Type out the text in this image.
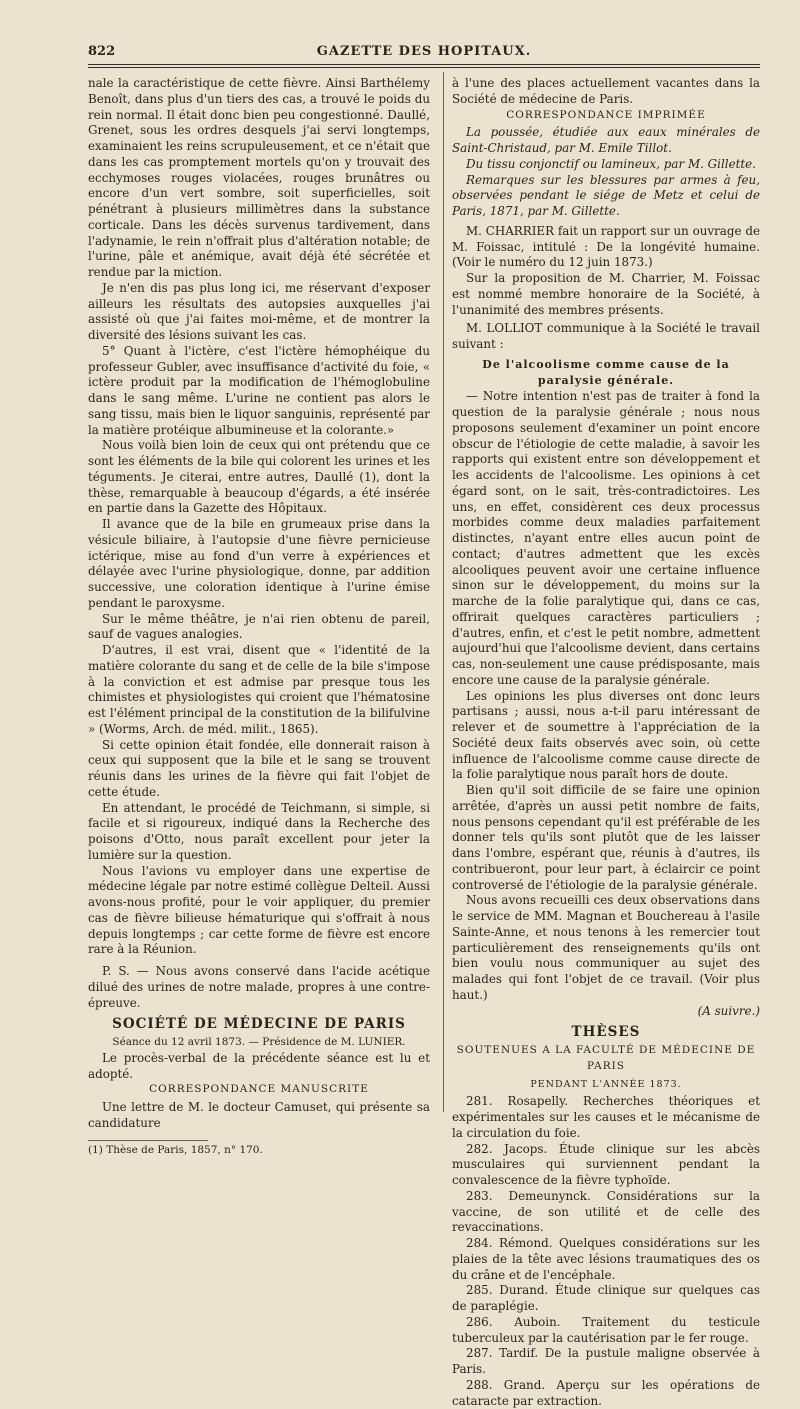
822	GAZETTE DES HOPITAUX.

nale la caractéristique de cette fièvre. Ainsi Barthélemy Benoît, dans plus d'un tiers des cas, a trouvé le poids du rein normal. Il était donc bien peu congestionné. Daullé, Grenet, sous les ordres desquels j'ai servi longtemps, examinaient les reins scrupuleusement, et ce n'était que dans les cas promptement mortels qu'on y trouvait des ecchymoses rouges violacées, rouges brunâtres ou encore d'un vert sombre, soit superficielles, soit pénétrant à plusieurs millimètres dans la substance corticale. Dans les décès survenus tardivement, dans l'adynamie, le rein n'offrait plus d'altération notable; de l'urine, pâle et anémique, avait déjà été sécrétée et rendue par la miction.

Je n'en dis pas plus long ici, me réservant d'exposer ailleurs les résultats des autopsies auxquelles j'ai assisté où que j'ai faites moi-même, et de montrer la diversité des lésions suivant les cas.

5° Quant à l'ictère, c'est l'ictère hémophéique du professeur Gubler, avec insuffisance d'activité du foie, « ictère produit par la modification de l'hémoglobuline dans le sang même. L'urine ne contient pas alors le sang tissu, mais bien le liquor sanguinis, représenté par la matière protéique albumineuse et la colorante.»

Nous voilà bien loin de ceux qui ont prétendu que ce sont les éléments de la bile qui colorent les urines et les téguments. Je citerai, entre autres, Daullé (1), dont la thèse, remarquable à beaucoup d'égards, a été insérée en partie dans la Gazette des Hôpitaux.

Il avance que de la bile en grumeaux prise dans la vésicule biliaire, à l'autopsie d'une fièvre pernicieuse ictérique, mise au fond d'un verre à expériences et délayée avec l'urine physiologique, donne, par addition successive, une coloration identique à l'urine émise pendant le paroxysme.

Sur le même théâtre, je n'ai rien obtenu de pareil, sauf de vagues analogies.

D'autres, il est vrai, disent que « l'identité de la matière colorante du sang et de celle de la bile s'impose à la conviction et est admise par presque tous les chimistes et physiologistes qui croient que l'hématosine est l'élément principal de la constitution de la bilifulvine » (Worms, Arch. de méd. milit., 1865).

Si cette opinion était fondée, elle donnerait raison à ceux qui supposent que la bile et le sang se trouvent réunis dans les urines de la fièvre qui fait l'objet de cette étude.

En attendant, le procédé de Teichmann, si simple, si facile et si rigoureux, indiqué dans la Recherche des poisons d'Otto, nous paraît excellent pour jeter la lumière sur la question.

Nous l'avions vu employer dans une expertise de médecine légale par notre estimé collègue Delteil. Aussi avons-nous profité, pour le voir appliquer, du premier cas de fièvre bilieuse hématurique qui s'offrait à nous depuis longtemps ; car cette forme de fièvre est encore rare à la Réunion.

P. S. — Nous avons conservé dans l'acide acétique dilué des urines de notre malade, propres à une contre-épreuve.

SOCIÉTÉ DE MÉDECINE DE PARIS

Séance du 12 avril 1873. — Présidence de M. LUNIER.

Le procès-verbal de la précédente séance est lu et adopté.

CORRESPONDANCE MANUSCRITE

Une lettre de M. le docteur Camuset, qui présente sa candidature

(1) Thèse de Paris, 1857, n° 170.

à l'une des places actuellement vacantes dans la Société de médecine de Paris.

CORRESPONDANCE IMPRIMÉE

La poussée, étudiée aux eaux minérales de Saint-Christaud, par M. Emile Tillot.

Du tissu conjonctif ou lamineux, par M. Gillette.

Remarques sur les blessures par armes à feu, observées pendant le siége de Metz et celui de Paris, 1871, par M. Gillette.

M. CHARRIER fait un rapport sur un ouvrage de M. Foissac, intitulé : De la longévité humaine. (Voir le numéro du 12 juin 1873.)

Sur la proposition de M. Charrier, M. Foissac est nommé membre honoraire de la Société, à l'unanimité des membres présents.

M. LOLLIOT communique à la Société le travail suivant :

De l'alcoolisme comme cause de la paralysie générale.

— Notre intention n'est pas de traiter à fond la question de la paralysie générale ; nous nous proposons seulement d'examiner un point encore obscur de l'étiologie de cette maladie, à savoir les rapports qui existent entre son développement et les accidents de l'alcoolisme. Les opinions à cet égard sont, on le sait, très-contradictoires. Les uns, en effet, considèrent ces deux processus morbides comme deux maladies parfaitement distinctes, n'ayant entre elles aucun point de contact; d'autres admettent que les excès alcooliques peuvent avoir une certaine influence sinon sur le développement, du moins sur la marche de la folie paralytique qui, dans ce cas, offrirait quelques caractères particuliers ; d'autres, enfin, et c'est le petit nombre, admettent aujourd'hui que l'alcoolisme devient, dans certains cas, non-seulement une cause prédisposante, mais encore une cause de la paralysie générale.

Les opinions les plus diverses ont donc leurs partisans ; aussi, nous a-t-il paru intéressant de relever et de soumettre à l'appréciation de la Société deux faits observés avec soin, où cette influence de l'alcoolisme comme cause directe de la folie paralytique nous paraît hors de doute.

Bien qu'il soit difficile de se faire une opinion arrêtée, d'après un aussi petit nombre de faits, nous pensons cependant qu'il est préférable de les donner tels qu'ils sont plutôt que de les laisser dans l'ombre, espérant que, réunis à d'autres, ils contribueront, pour leur part, à éclaircir ce point controversé de l'étiologie de la paralysie générale.

Nous avons recueilli ces deux observations dans le service de MM. Magnan et Bouchereau à l'asile Sainte-Anne, et nous tenons à les remercier tout particulièrement des renseignements qu'ils ont bien voulu nous communiquer au sujet des malades qui font l'objet de ce travail. (Voir plus haut.)

(A suivre.)

THÈSES

SOUTENUES A LA FACULTÉ DE MÉDECINE DE PARIS

PENDANT L'ANNÉE 1873.

281. Rosapelly. Recherches théoriques et expérimentales sur les causes et le mécanisme de la circulation du foie.

282. Jacops. Étude clinique sur les abcès musculaires qui surviennent pendant la convalescence de la fièvre typhoïde.

283. Demeunynck. Considérations sur la vaccine, de son utilité et de celle des revaccinations.

284. Rémond. Quelques considérations sur les plaies de la tête avec lésions traumatiques des os du crâne et de l'encéphale.

285. Durand. Étude clinique sur quelques cas de paraplégie.

286. Auboin. Traitement du testicule tuberculeux par la cautérisation par le fer rouge.

287. Tardif. De la pustule maligne observée à Paris.

288. Grand. Aperçu sur les opérations de cataracte par extraction.
